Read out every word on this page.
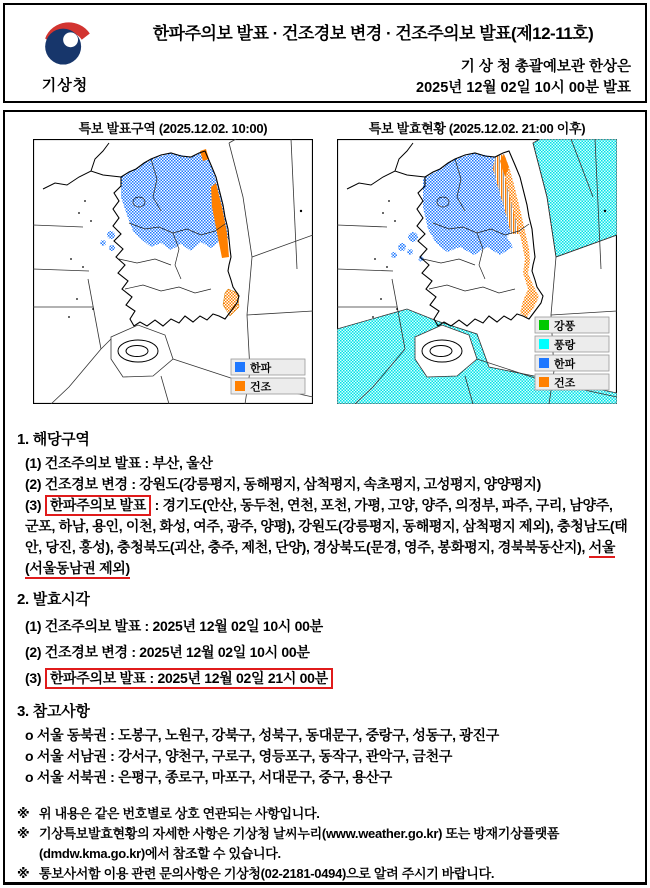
기상청
한파주의보 발표 · 건조경보 변경 · 건조주의보 발표(제12-11호)
기 상 청 총괄예보관 한상은
2025년 12월 02일 10시 00분 발표
특보 발표구역 (2025.12.02. 10:00)
한파
건조
특보 발효현황 (2025.12.02. 21:00 이후)
강풍
풍랑
한파
건조

1. 해당구역

(1) 건조주의보 발표 : 부산, 울산

(2) 건조경보 변경 : 강원도(강릉평지, 동해평지, 삼척평지, 속초평지, 고성평지, 양양평지)

(3) 한파주의보 발표 : 경기도(안산, 동두천, 연천, 포천, 가평, 고양, 양주, 의정부, 파주, 구리, 남양주, 군포, 하남, 용인, 이천, 화성, 여주, 광주, 양평), 강원도(강릉평지, 동해평지, 삼척평지 제외), 충청남도(태안, 당진, 홍성), 충청북도(괴산, 충주, 제천, 단양), 경상북도(문경, 영주, 봉화평지, 경북북동산지), 서울(서울동남권 제외)

2. 발효시각

(1) 건조주의보 발표 : 2025년 12월 02일 10시 00분

(2) 건조경보 변경 : 2025년 12월 02일 10시 00분

(3) 한파주의보 발표 : 2025년 12월 02일 21시 00분

3. 참고사항

o 서울 동북권 : 도봉구, 노원구, 강북구, 성북구, 동대문구, 중랑구, 성동구, 광진구

o 서울 서남권 : 강서구, 양천구, 구로구, 영등포구, 동작구, 관악구, 금천구

o 서울 서북권 : 은평구, 종로구, 마포구, 서대문구, 중구, 용산구

※ 위 내용은 같은 번호별로 상호 연관되는 사항입니다.

※ 기상특보발효현황의 자세한 사항은 기상청 날씨누리(www.weather.go.kr) 또는 방재기상플랫폼(dmdw.kma.go.kr)에서 참조할 수 있습니다.

※ 통보사서함 이용 관련 문의사항은 기상청(02-2181-0494)으로 알려 주시기 바랍니다.
